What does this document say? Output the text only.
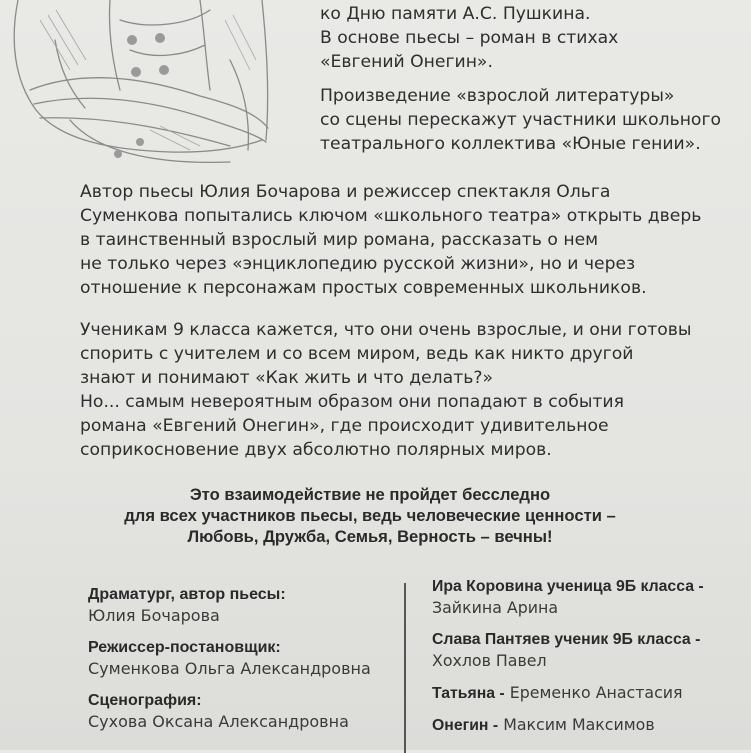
ко Дню памяти А.С. Пушкина.
В основе пьесы – роман в стихах
«Евгений Онегин».

Произведение «взрослой литературы»
со сцены перескажут участники школьного
театрального коллектива «Юные гении».

Автор пьесы Юлия Бочарова и режиссер спектакля Ольга
Суменкова попытались ключом «школьного театра» открыть дверь
в таинственный взрослый мир романа, рассказать о нем
не только через «энциклопедию русской жизни», но и через
отношение к персонажам простых современных школьников.

Ученикам 9 класса кажется, что они очень взрослые, и они готовы
спорить с учителем и со всем миром, ведь как никто другой
знают и понимают «Как жить и что делать?»
Но... самым невероятным образом они попадают в события
романа «Евгений Онегин», где происходит удивительное
соприкосновение двух абсолютно полярных миров.

Это взаимодействие не пройдет бесследно
для всех участников пьесы, ведь человеческие ценности –
Любовь, Дружба, Семья, Верность – вечны!

Драматург, автор пьесы:
Юлия Бочарова
Режиссер-постановщик:
Суменкова Ольга Александровна
Сценография:
Сухова Оксана Александровна
Ира Коровина ученица 9Б класса -
Зайкина Арина
Слава Пантяев ученик 9Б класса -
Хохлов Павел
Татьяна - Еременко Анастасия
Онегин - Максим Максимов
